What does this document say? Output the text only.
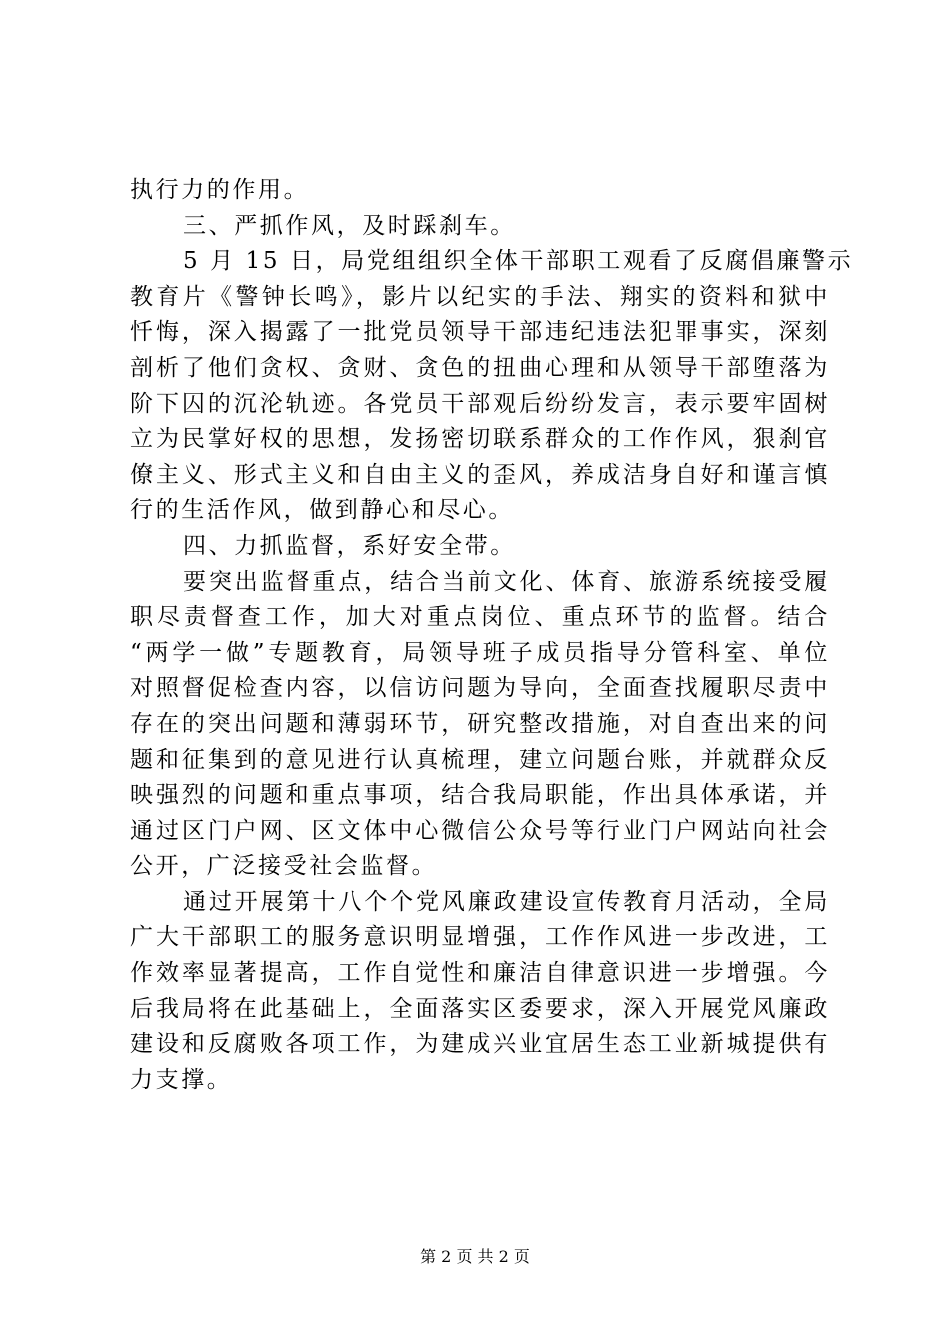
执行力的作用。
三、严抓作风，及时踩刹车。
5 月 15 日，局党组组织全体干部职工观看了反腐倡廉警示
教育片《警钟长鸣》，影片以纪实的手法、翔实的资料和狱中
忏悔，深入揭露了一批党员领导干部违纪违法犯罪事实，深刻
剖析了他们贪权、贪财、贪色的扭曲心理和从领导干部堕落为
阶下囚的沉沦轨迹。各党员干部观后纷纷发言，表示要牢固树
立为民掌好权的思想，发扬密切联系群众的工作作风，狠刹官
僚主义、形式主义和自由主义的歪风，养成洁身自好和谨言慎
行的生活作风，做到静心和尽心。
四、力抓监督，系好安全带。
要突出监督重点，结合当前文化、体育、旅游系统接受履
职尽责督查工作，加大对重点岗位、重点环节的监督。结合
“两学一做”专题教育，局领导班子成员指导分管科室、单位
对照督促检查内容，以信访问题为导向，全面查找履职尽责中
存在的突出问题和薄弱环节，研究整改措施，对自查出来的问
题和征集到的意见进行认真梳理，建立问题台账，并就群众反
映强烈的问题和重点事项，结合我局职能，作出具体承诺，并
通过区门户网、区文体中心微信公众号等行业门户网站向社会
公开，广泛接受社会监督。
通过开展第十八个个党风廉政建设宣传教育月活动，全局
广大干部职工的服务意识明显增强，工作作风进一步改进，工
作效率显著提高，工作自觉性和廉洁自律意识进一步增强。今
后我局将在此基础上，全面落实区委要求，深入开展党风廉政
建设和反腐败各项工作，为建成兴业宜居生态工业新城提供有
力支撑。
第 2 页 共 2 页
